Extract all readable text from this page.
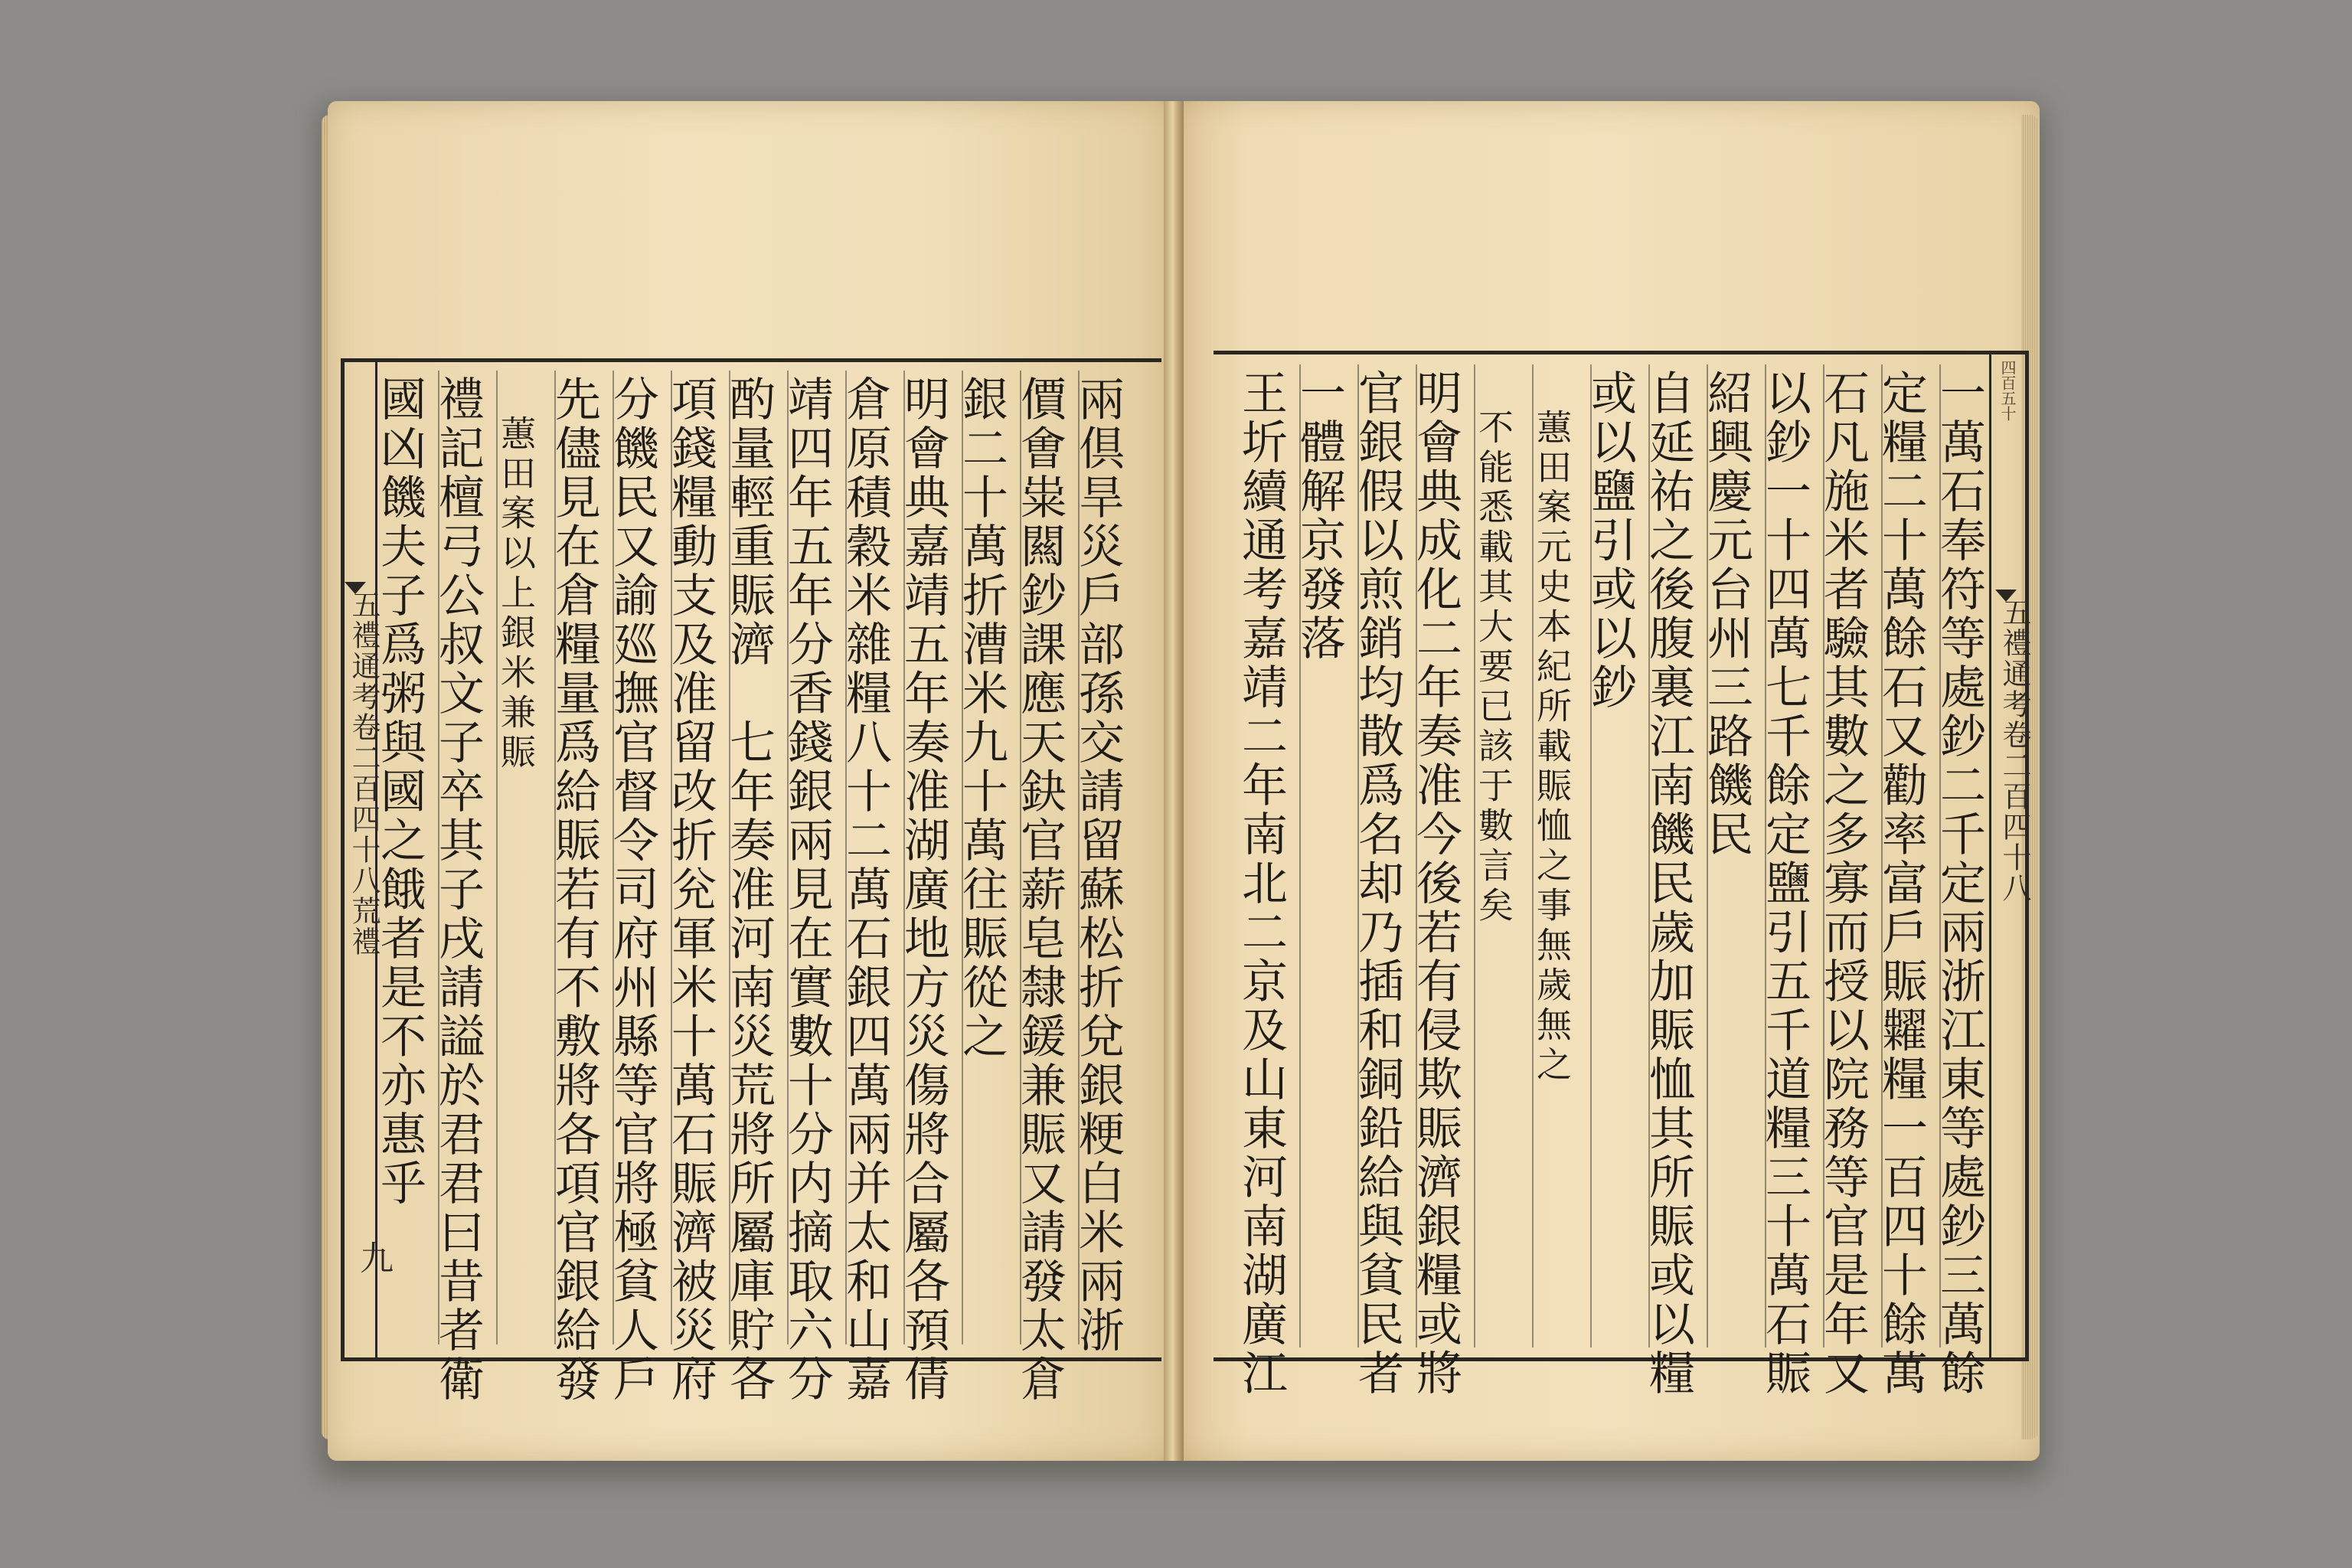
兩倶旱災戶部孫交請留蘇松折兌銀粳白米兩浙
價㑹粜闗鈔課應天鈌官薪皂隸鍰兼賑又請發太倉
銀二十萬折漕米九十萬往賑從之
明會典嘉靖五年奏准湖廣地方災傷將合屬各預倩
倉原積穀米雜糧八十二萬石銀四萬兩并太和山嘉
靖四年五年分香錢銀兩見在實數十分内摘取六分
酌量輕重賑濟　七年奏准河南災荒將所屬庫貯各
項錢糧動支及准留改折兊軍米十萬石賑濟被災府
分饑民又諭廵撫官督令司府州縣等官將極貧人戶
先儘見在倉糧量爲給賑若有不敷將各項官銀給發
　蕙田案以上銀米兼賑
禮記檀弓公叔文子卒其子戌請謚於君君曰昔者衛
國凶饑夫子爲粥與國之餓者是不亦惠乎	一萬石奉符等處鈔二千定兩浙江東等處鈔三萬餘
定糧二十萬餘石又勸率富戶賑糶糧一百四十餘萬
石凡施米者驗其數之多寡而授以院務等官是年又
以鈔一十四萬七千餘定鹽引五千道糧三十萬石賑
紹興慶元台州三路饑民
自延祐之後腹裏江南饑民歲加賑恤其所賑或以糧
或以鹽引或以鈔
　蕙田案元史本紀所載賑恤之事無歲無之
　不能悉載其大要已該于數言矣
明會典成化二年奏准今後若有侵欺賑濟銀糧或將
官銀假以煎銷均散爲名却乃插和銅鉛給與貧民者
一體解京發落
王圻續通考嘉靖二年南北二京及山東河南湖廣江
五禮通考卷二百四十八荒禮
九
五禮通考卷二百四十八
四百五十
